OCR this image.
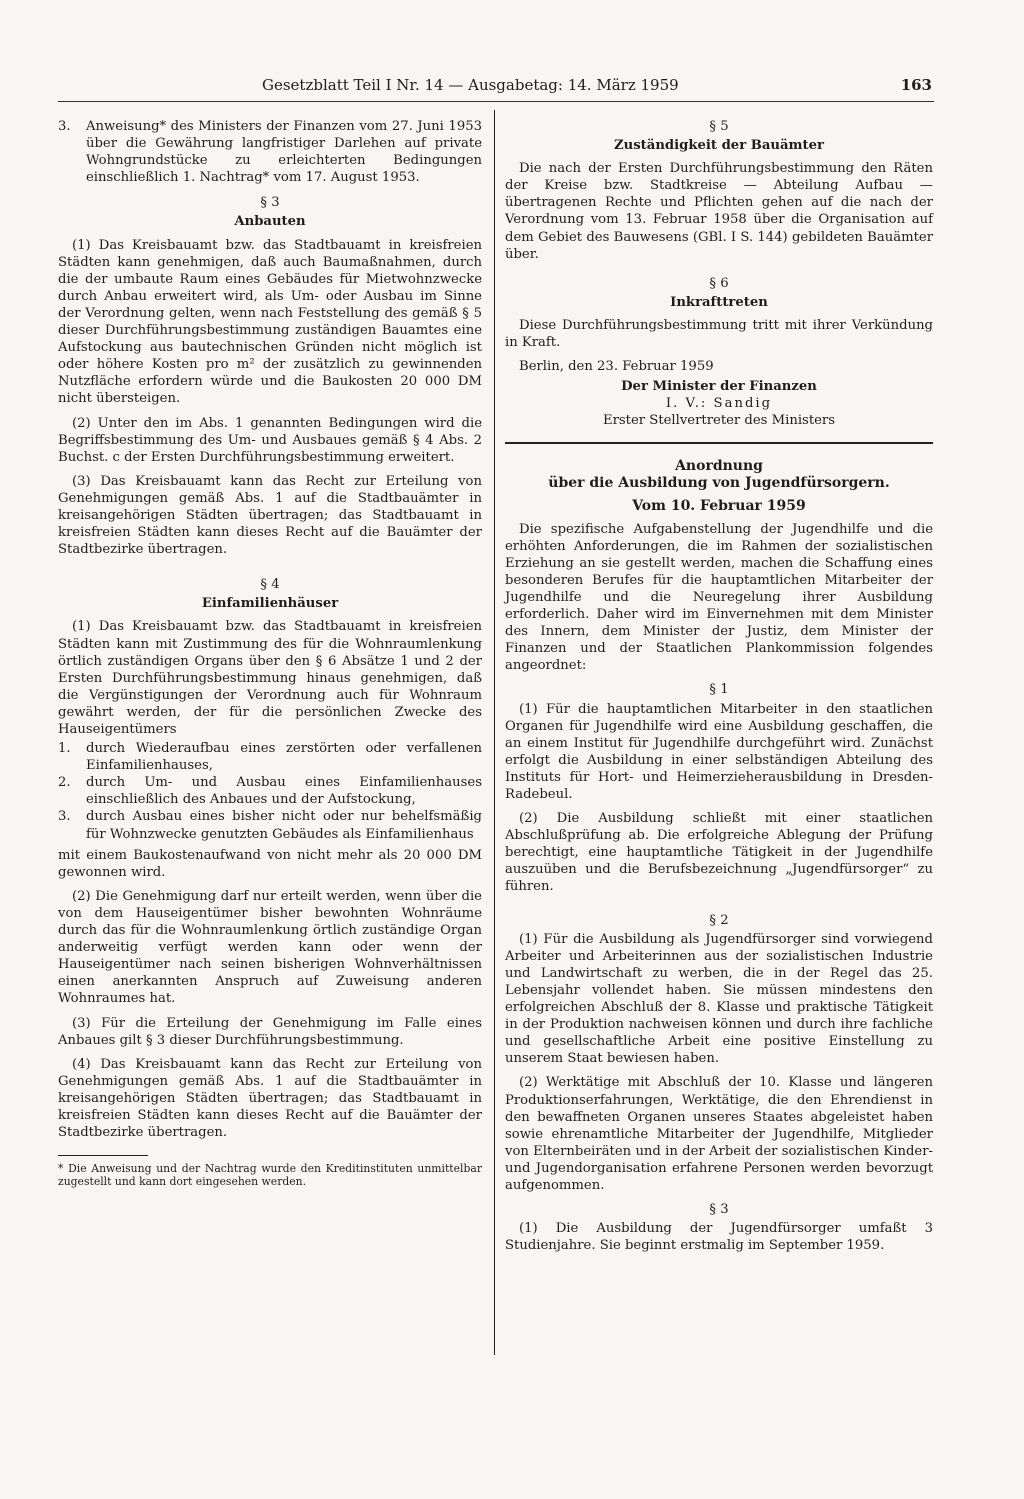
Gesetzblatt Teil I Nr. 14 — Ausgabetag: 14. März 1959	163
3. Anweisung* des Ministers der Finanzen vom 27. Juni 1953 über die Gewährung langfristiger Darlehen auf private Wohngrundstücke zu erleichterten Bedingungen einschließlich 1. Nachtrag* vom 17. August 1953.
§ 3
Anbauten

(1) Das Kreisbauamt bzw. das Stadtbauamt in kreisfreien Städten kann genehmigen, daß auch Baumaßnahmen, durch die der umbaute Raum eines Gebäudes für Mietwohnzwecke durch Anbau erweitert wird, als Um- oder Ausbau im Sinne der Verordnung gelten, wenn nach Feststellung des gemäß § 5 dieser Durchführungsbestimmung zuständigen Bauamtes eine Aufstockung aus bautechnischen Gründen nicht möglich ist oder höhere Kosten pro m² der zusätzlich zu gewinnenden Nutzfläche erfordern würde und die Baukosten 20 000 DM nicht übersteigen.

(2) Unter den im Abs. 1 genannten Bedingungen wird die Begriffsbestimmung des Um- und Ausbaues gemäß § 4 Abs. 2 Buchst. c der Ersten Durchführungsbestimmung erweitert.

(3) Das Kreisbauamt kann das Recht zur Erteilung von Genehmigungen gemäß Abs. 1 auf die Stadtbauämter in kreisangehörigen Städten übertragen; das Stadtbauamt in kreisfreien Städten kann dieses Recht auf die Bauämter der Stadtbezirke übertragen.

§ 4
Einfamilienhäuser

(1) Das Kreisbauamt bzw. das Stadtbauamt in kreisfreien Städten kann mit Zustimmung des für die Wohnraumlenkung örtlich zuständigen Organs über den § 6 Absätze 1 und 2 der Ersten Durchführungsbestimmung hinaus genehmigen, daß die Vergünstigungen der Verordnung auch für Wohnraum gewährt werden, der für die persönlichen Zwecke des Hauseigentümers

1. durch Wiederaufbau eines zerstörten oder verfallenen Einfamilienhauses,
2. durch Um- und Ausbau eines Einfamilienhauses einschließlich des Anbaues und der Aufstockung,
3. durch Ausbau eines bisher nicht oder nur behelfsmäßig für Wohnzwecke genutzten Gebäudes als Einfamilienhaus

mit einem Baukostenaufwand von nicht mehr als 20 000 DM gewonnen wird.

(2) Die Genehmigung darf nur erteilt werden, wenn über die von dem Hauseigentümer bisher bewohnten Wohnräume durch das für die Wohnraumlenkung örtlich zuständige Organ anderweitig verfügt werden kann oder wenn der Hauseigentümer nach seinen bisherigen Wohnverhältnissen einen anerkannten Anspruch auf Zuweisung anderen Wohnraumes hat.

(3) Für die Erteilung der Genehmigung im Falle eines Anbaues gilt § 3 dieser Durchführungsbestimmung.

(4) Das Kreisbauamt kann das Recht zur Erteilung von Genehmigungen gemäß Abs. 1 auf die Stadtbauämter in kreisangehörigen Städten übertragen; das Stadtbauamt in kreisfreien Städten kann dieses Recht auf die Bauämter der Stadtbezirke übertragen.

* Die Anweisung und der Nachtrag wurde den Kreditinstituten unmittelbar zugestellt und kann dort eingesehen werden.

§ 5
Zuständigkeit der Bauämter

Die nach der Ersten Durchführungsbestimmung den Räten der Kreise bzw. Stadtkreise — Abteilung Aufbau — übertragenen Rechte und Pflichten gehen auf die nach der Verordnung vom 13. Februar 1958 über die Organisation auf dem Gebiet des Bauwesens (GBl. I S. 144) gebildeten Bauämter über.

§ 6
Inkrafttreten

Diese Durchführungsbestimmung tritt mit ihrer Verkündung in Kraft.

Berlin, den 23. Februar 1959

Der Minister der Finanzen

I. V.: Sandig

Erster Stellvertreter des Ministers

Anordnung

über die Ausbildung von Jugendfürsorgern.

Vom 10. Februar 1959

Die spezifische Aufgabenstellung der Jugendhilfe und die erhöhten Anforderungen, die im Rahmen der sozialistischen Erziehung an sie gestellt werden, machen die Schaffung eines besonderen Berufes für die hauptamtlichen Mitarbeiter der Jugendhilfe und die Neuregelung ihrer Ausbildung erforderlich. Daher wird im Einvernehmen mit dem Minister des Innern, dem Minister der Justiz, dem Minister der Finanzen und der Staatlichen Plankommission folgendes angeordnet:

§ 1

(1) Für die hauptamtlichen Mitarbeiter in den staatlichen Organen für Jugendhilfe wird eine Ausbildung geschaffen, die an einem Institut für Jugendhilfe durchgeführt wird. Zunächst erfolgt die Ausbildung in einer selbständigen Abteilung des Instituts für Hort- und Heimerzieherausbildung in Dresden-Radebeul.

(2) Die Ausbildung schließt mit einer staatlichen Abschlußprüfung ab. Die erfolgreiche Ablegung der Prüfung berechtigt, eine hauptamtliche Tätigkeit in der Jugendhilfe auszuüben und die Berufsbezeichnung „Jugendfürsorger“ zu führen.

§ 2

(1) Für die Ausbildung als Jugendfürsorger sind vorwiegend Arbeiter und Arbeiterinnen aus der sozialistischen Industrie und Landwirtschaft zu werben, die in der Regel das 25. Lebensjahr vollendet haben. Sie müssen mindestens den erfolgreichen Abschluß der 8. Klasse und praktische Tätigkeit in der Produktion nachweisen können und durch ihre fachliche und gesellschaftliche Arbeit eine positive Einstellung zu unserem Staat bewiesen haben.

(2) Werktätige mit Abschluß der 10. Klasse und längeren Produktionserfahrungen, Werktätige, die den Ehrendienst in den bewaffneten Organen unseres Staates abgeleistet haben sowie ehrenamtliche Mitarbeiter der Jugendhilfe, Mitglieder von Elternbeiräten und in der Arbeit der sozialistischen Kinder- und Jugendorganisation erfahrene Personen werden bevorzugt aufgenommen.

§ 3

(1) Die Ausbildung der Jugendfürsorger umfaßt 3 Studienjahre. Sie beginnt erstmalig im September 1959.
